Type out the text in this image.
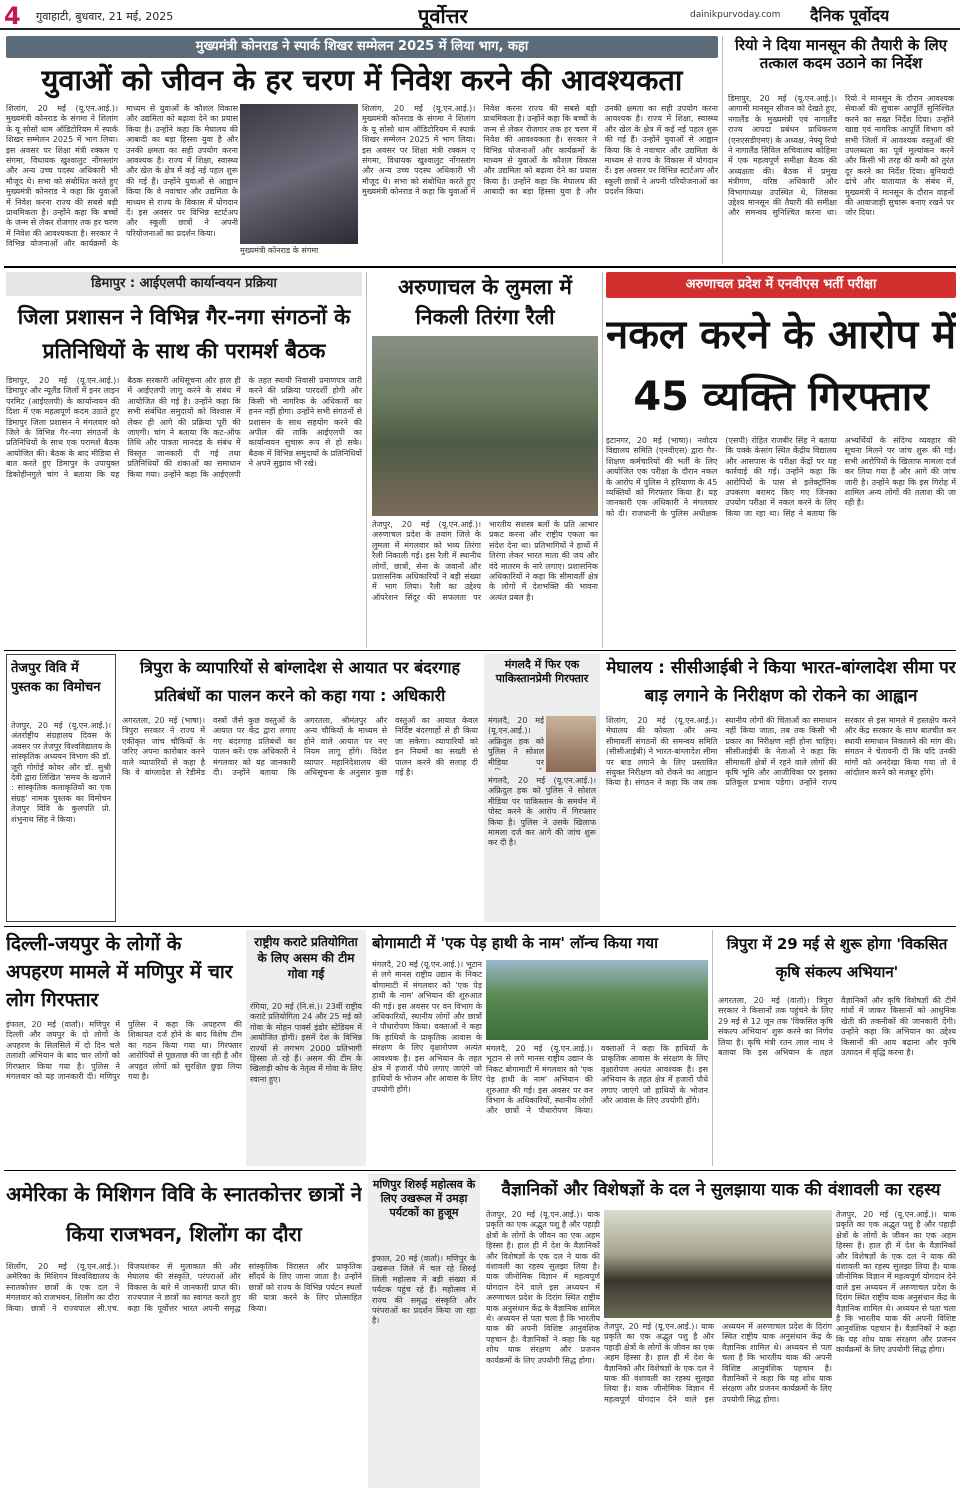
4 गुवाहाटी, बुधवार, 21 मई, 2025	पूर्वोत्तर	dainikpurvoday.com दैनिक पूर्वोदय
मुख्यमंत्री कोनराड ने स्पार्क शिखर सम्मेलन 2025 में लिया भाग, कहा
युवाओं को जीवन के हर चरण में निवेश करने की आवश्यकता
शिलांग, 20 मई (यू.एन.आई.)। मुख्यमंत्री कोनराड के संगमा ने शिलांग के यू सोसो थाम ऑडिटोरियम में स्पार्क शिखर सम्मेलन 2025 में भाग लिया। इस अवसर पर शिक्षा मंत्री रक्कम ए संगमा, विधायक खुश्वालुट नोंगस्लांग और अन्य उच्च पदस्थ अधिकारी भी मौजूद थे। सभा को संबोधित करते हुए मुख्यमंत्री कोनराड ने कहा कि युवाओं में निवेश करना राज्य की सबसे बड़ी प्राथमिकता है। उन्होंने कहा कि बच्चों के जन्म से लेकर रोजगार तक हर चरण में निवेश की आवश्यकता है। सरकार ने विभिन्न योजनाओं और कार्यक्रमों के माध्यम से युवाओं के कौशल विकास और उद्यमिता को बढ़ावा देने का प्रयास किया है। उन्होंने कहा कि मेघालय की आबादी का बड़ा हिस्सा युवा है और उनकी क्षमता का सही उपयोग करना आवश्यक है। राज्य में शिक्षा, स्वास्थ्य और खेल के क्षेत्र में कई नई पहल शुरू की गई हैं। उन्होंने युवाओं से आह्वान किया कि वे नवाचार और उद्यमिता के माध्यम से राज्य के विकास में योगदान दें। इस अवसर पर विभिन्न स्टार्टअप और स्कूली छात्रों ने अपनी परियोजनाओं का प्रदर्शन किया।
मुख्यमंत्री कोनराड के संगमा
शिलांग, 20 मई (यू.एन.आई.)। मुख्यमंत्री कोनराड के संगमा ने शिलांग के यू सोसो थाम ऑडिटोरियम में स्पार्क शिखर सम्मेलन 2025 में भाग लिया। इस अवसर पर शिक्षा मंत्री रक्कम ए संगमा, विधायक खुश्वालुट नोंगस्लांग और अन्य उच्च पदस्थ अधिकारी भी मौजूद थे। सभा को संबोधित करते हुए मुख्यमंत्री कोनराड ने कहा कि युवाओं में निवेश करना राज्य की सबसे बड़ी प्राथमिकता है। उन्होंने कहा कि बच्चों के जन्म से लेकर रोजगार तक हर चरण में निवेश की आवश्यकता है। सरकार ने विभिन्न योजनाओं और कार्यक्रमों के माध्यम से युवाओं के कौशल विकास और उद्यमिता को बढ़ावा देने का प्रयास किया है। उन्होंने कहा कि मेघालय की आबादी का बड़ा हिस्सा युवा है और उनकी क्षमता का सही उपयोग करना आवश्यक है। राज्य में शिक्षा, स्वास्थ्य और खेल के क्षेत्र में कई नई पहल शुरू की गई हैं। उन्होंने युवाओं से आह्वान किया कि वे नवाचार और उद्यमिता के माध्यम से राज्य के विकास में योगदान दें। इस अवसर पर विभिन्न स्टार्टअप और स्कूली छात्रों ने अपनी परियोजनाओं का प्रदर्शन किया।
रियो ने दिया मानसून की तैयारी के लिए तत्काल कदम उठाने का निर्देश
डिमापुर, 20 मई (यू.एन.आई.)। आगामी मानसून सीजन को देखते हुए, नगालैंड के मुख्यमंत्री एवं नागालैंड राज्य आपदा प्रबंधन प्राधिकरण (एनएसडीएमए) के अध्यक्ष, नेफ्यू रियो ने नागालैंड सिविल सचिवालय कोहिमा में एक महत्वपूर्ण समीक्षा बैठक की अध्यक्षता की। बैठक में प्रमुख मंत्रीगण, वरिष्ठ अधिकारी और विभागाध्यक्ष उपस्थित थे, जिसका उद्देश्य मानसून की तैयारी की समीक्षा और समन्वय सुनिश्चित करना था। रियो ने मानसून के दौरान आवश्यक सेवाओं की सुचारू आपूर्ति सुनिश्चित करने का सख्त निर्देश दिया। उन्होंने खाद्य एवं नागरिक आपूर्ति विभाग को सभी जिलों में आवश्यक वस्तुओं की उपलब्धता का पूर्व मूल्यांकन करने और किसी भी तरह की कमी को तुरंत दूर करने का निर्देश दिया। बुनियादी ढांचे और यातायात के संबंध में, मुख्यमंत्री ने मानसून के दौरान वाहनों की आवाजाही सुचारू बनाए रखने पर जोर दिया।
डिमापुर : आईएलपी कार्यान्वयन प्रक्रिया
जिला प्रशासन ने विभिन्न गैर-नगा संगठनों के प्रतिनिधियों के साथ की परामर्श बैठक
डिमापुर, 20 मई (यू.एन.आई.)। डिमापुर और न्यूलैंड जिलों में इनर लाइन परमिट (आईएलपी) के कार्यान्वयन की दिशा में एक महत्वपूर्ण कदम उठाते हुए डिमापुर जिला प्रशासन ने मंगलवार को जिले के विभिन्न गैर-नगा संगठनों के प्रतिनिधियों के साथ एक परामर्श बैठक आयोजित की। बैठक के बाद मीडिया से बात करते हुए डिमापुर के उपायुक्त डिकोहीनगुले चांग ने बताया कि यह बैठक सरकारी अधिसूचना और हाल ही में आईएलपी लागू करने के संबंध में आयोजित की गई है। उन्होंने कहा कि सभी संबंधित समुदायों को विश्वास में लेकर ही आगे की प्रक्रिया पूरी की जाएगी। चांग ने बताया कि कट-ऑफ तिथि और पात्रता मानदंड के संबंध में विस्तृत जानकारी दी गई तथा प्रतिनिधियों की शंकाओं का समाधान किया गया। उन्होंने कहा कि आईएलपी के तहत स्थायी निवासी प्रमाणपत्र जारी करने की प्रक्रिया पारदर्शी होगी और किसी भी नागरिक के अधिकारों का हनन नहीं होगा। उन्होंने सभी संगठनों से प्रशासन के साथ सहयोग करने की अपील की ताकि आईएलपी का कार्यान्वयन सुचारू रूप से हो सके। बैठक में विभिन्न समुदायों के प्रतिनिधियों ने अपने सुझाव भी रखे।
अरुणाचल के लुमला में निकली तिरंगा रैली
तेजपुर, 20 मई (यू.एन.आई.)। अरुणाचल प्रदेश के तवांग जिले के लुमला में मंगलवार को भव्य तिरंगा रैली निकाली गई। इस रैली में स्थानीय लोगों, छात्रों, सेना के जवानों और प्रशासनिक अधिकारियों ने बड़ी संख्या में भाग लिया। रैली का उद्देश्य ऑपरेशन सिंदूर की सफलता पर भारतीय सशस्त्र बलों के प्रति आभार प्रकट करना और राष्ट्रीय एकता का संदेश देना था। प्रतिभागियों ने हाथों में तिरंगा लेकर भारत माता की जय और वंदे मातरम के नारे लगाए। प्रशासनिक अधिकारियों ने कहा कि सीमावर्ती क्षेत्र के लोगों में देशभक्ति की भावना अत्यंत प्रबल है।
अरुणाचल प्रदेश में एनवीएस भर्ती परीक्षा
नकल करने के आरोप में 45 व्यक्ति गिरफ्तार
इटानगर, 20 मई (भाषा)। नवोदय विद्यालय समिति (एनवीएस) द्वारा गैर-शिक्षण कर्मचारियों की भर्ती के लिए आयोजित एक परीक्षा के दौरान नकल के आरोप में पुलिस ने हरियाणा के 45 व्यक्तियों को गिरफ्तार किया है। यह जानकारी एक अधिकारी ने मंगलवार को दी। राजधानी के पुलिस अधीक्षक (एसपी) रोहित राजबीर सिंह ने बताया कि पक्के केसांग स्थित केंद्रीय विद्यालय और आसपास के परीक्षा केंद्रों पर यह कार्रवाई की गई। उन्होंने कहा कि आरोपियों के पास से इलेक्ट्रॉनिक उपकरण बरामद किए गए जिनका उपयोग परीक्षा में नकल करने के लिए किया जा रहा था। सिंह ने बताया कि अभ्यर्थियों के संदिग्ध व्यवहार की सूचना मिलने पर जांच शुरू की गई। सभी आरोपियों के खिलाफ मामला दर्ज कर लिया गया है और आगे की जांच जारी है। उन्होंने कहा कि इस गिरोह में शामिल अन्य लोगों की तलाश की जा रही है।
तेजपुर विवि में पुस्तक का विमोचन
तेजपुर, 20 मई (यू.एन.आई.)। अंतर्राष्ट्रीय संग्रहालय दिवस के अवसर पर तेजपुर विश्वविद्यालय के सांस्कृतिक अध्ययन विभाग की डॉ. जूरी गोगोई कोवर और डॉ. सुश्री देवी द्वारा लिखित 'समय के खजाने : सांस्कृतिक कलाकृतियों का एक संग्रह' नामक पुस्तक का विमोचन तेजपुर विवि के कुलपति प्रो. शंभुनाथ सिंह ने किया।
त्रिपुरा के व्यापारियों से बांग्लादेश से आयात पर बंदरगाह प्रतिबंधों का पालन करने को कहा गया : अधिकारी
अगरतला, 20 मई (भाषा)। त्रिपुरा सरकार ने राज्य में एकीकृत जांच चौकियों के जरिए अपना कारोबार करने वाले व्यापारियों से कहा है कि वे बांग्लादेश से रेडीमेड वस्त्रों जैसे कुछ वस्तुओं के आयात पर केंद्र द्वारा लगाए गए बंदरगाह प्रतिबंधों का पालन करें। एक अधिकारी ने मंगलवार को यह जानकारी दी। उन्होंने बताया कि अगरतला, श्रीमंतपुर और अन्य चौकियों के माध्यम से होने वाले आयात पर नए नियम लागू होंगे। विदेश व्यापार महानिदेशालय की अधिसूचना के अनुसार कुछ वस्तुओं का आयात केवल निर्दिष्ट बंदरगाहों से ही किया जा सकेगा। व्यापारियों को इन नियमों का सख्ती से पालन करने की सलाह दी गई है।
मंगलदै में फिर एक पाकिस्तानप्रेमी गिरफ्तार
मंगलदै, 20 मई (यू.एन.आई.)। अफ्रिदुल हक को पुलिस ने सोशल मीडिया पर
मंगलदै, 20 मई (यू.एन.आई.)। अफ्रिदुल हक को पुलिस ने सोशल मीडिया पर पाकिस्तान के समर्थन में पोस्ट करने के आरोप में गिरफ्तार किया है। पुलिस ने उसके खिलाफ मामला दर्ज कर आगे की जांच शुरू कर दी है।
मेघालय : सीसीआईबी ने किया भारत-बांग्लादेश सीमा पर बाड़ लगाने के निरीक्षण को रोकने का आह्वान
शिलांग, 20 मई (यू.एन.आई.)। मेघालय की कोयला और अन्य सीमावर्ती संगठनों की समन्वय समिति (सीसीआईबी) ने भारत-बांग्लादेश सीमा पर बाड़ लगाने के लिए प्रस्तावित संयुक्त निरीक्षण को रोकने का आह्वान किया है। संगठन ने कहा कि जब तक स्थानीय लोगों की चिंताओं का समाधान नहीं किया जाता, तब तक किसी भी प्रकार का निरीक्षण नहीं होना चाहिए। सीसीआईबी के नेताओं ने कहा कि सीमावर्ती क्षेत्रों में रहने वाले लोगों की कृषि भूमि और आजीविका पर इसका प्रतिकूल प्रभाव पड़ेगा। उन्होंने राज्य सरकार से इस मामले में हस्तक्षेप करने और केंद्र सरकार के साथ बातचीत कर स्थायी समाधान निकालने की मांग की। संगठन ने चेतावनी दी कि यदि उनकी मांगों को अनदेखा किया गया तो वे आंदोलन करने को मजबूर होंगे।
दिल्ली-जयपुर के लोगों के अपहरण मामले में मणिपुर में चार लोग गिरफ्तार
इंफाल, 20 मई (वार्ता)। मणिपुर में दिल्ली और जयपुर के दो लोगों के अपहरण के सिलसिले में दो दिन चले तलाशी अभियान के बाद चार लोगों को गिरफ्तार किया गया है। पुलिस ने मंगलवार को यह जानकारी दी। मणिपुर पुलिस ने कहा कि अपहरण की शिकायत दर्ज होने के बाद विशेष टीम का गठन किया गया था। गिरफ्तार आरोपियों से पूछताछ की जा रही है और अपहृत लोगों को सुरक्षित छुड़ा लिया गया है।
राष्ट्रीय कराटे प्रतियोगिता के लिए असम की टीम गोवा गई
रंगिया, 20 मई (नि.सं.)। 23वीं राष्ट्रीय कराटे प्रतियोगिता 24 और 25 मई को गोवा के मोहन पार्क्स इंडोर स्टेडियम में आयोजित होगी। इसमें देश के विभिन्न राज्यों से लगभग 2000 प्रतिभागी हिस्सा ले रहे हैं। असम की टीम के खिलाड़ी कोच के नेतृत्व में गोवा के लिए रवाना हुए।
बोगामाटी में 'एक पेड़ हाथी के नाम' लॉन्च किया गया
मंगलदै, 20 मई (यू.एन.आई.)। भूटान से लगे मानस राष्ट्रीय उद्यान के निकट बोगामाटी में मंगलवार को 'एक पेड़ हाथी के नाम' अभियान की शुरुआत की गई। इस अवसर पर वन विभाग के अधिकारियों, स्थानीय लोगों और छात्रों ने पौधारोपण किया। वक्ताओं ने कहा कि हाथियों के प्राकृतिक आवास के संरक्षण के लिए वृक्षारोपण अत्यंत आवश्यक है। इस अभियान के तहत क्षेत्र में हजारों पौधे लगाए जाएंगे जो हाथियों के भोजन और आवास के लिए उपयोगी होंगे।
मंगलदै, 20 मई (यू.एन.आई.)। भूटान से लगे मानस राष्ट्रीय उद्यान के निकट बोगामाटी में मंगलवार को 'एक पेड़ हाथी के नाम' अभियान की शुरुआत की गई। इस अवसर पर वन विभाग के अधिकारियों, स्थानीय लोगों और छात्रों ने पौधारोपण किया। वक्ताओं ने कहा कि हाथियों के प्राकृतिक आवास के संरक्षण के लिए वृक्षारोपण अत्यंत आवश्यक है। इस अभियान के तहत क्षेत्र में हजारों पौधे लगाए जाएंगे जो हाथियों के भोजन और आवास के लिए उपयोगी होंगे।
त्रिपुरा में 29 मई से शुरू होगा 'विकसित कृषि संकल्प अभियान'
अगरतला, 20 मई (वार्ता)। त्रिपुरा सरकार ने किसानों तक पहुंचने के लिए 29 मई से 12 जून तक 'विकसित कृषि संकल्प अभियान' शुरू करने का निर्णय लिया है। कृषि मंत्री रतन लाल नाथ ने बताया कि इस अभियान के तहत वैज्ञानिकों और कृषि विशेषज्ञों की टीमें गांवों में जाकर किसानों को आधुनिक खेती की तकनीकों की जानकारी देंगी। उन्होंने कहा कि अभियान का उद्देश्य किसानों की आय बढ़ाना और कृषि उत्पादन में वृद्धि करना है।
अमेरिका के मिशिगन विवि के स्नातकोत्तर छात्रों ने किया राजभवन, शिलोंग का दौरा
शिलोंग, 20 मई (यू.एन.आई.)। अमेरिका के मिशिगन विश्वविद्यालय के स्नातकोत्तर छात्रों के एक दल ने मंगलवार को राजभवन, शिलोंग का दौरा किया। छात्रों ने राज्यपाल सी.एच. विजयशंकर से मुलाकात की और मेघालय की संस्कृति, परंपराओं और विकास के बारे में जानकारी प्राप्त की। राज्यपाल ने छात्रों का स्वागत करते हुए कहा कि पूर्वोत्तर भारत अपनी समृद्ध सांस्कृतिक विरासत और प्राकृतिक सौंदर्य के लिए जाना जाता है। उन्होंने छात्रों को राज्य के विभिन्न पर्यटन स्थलों की यात्रा करने के लिए प्रोत्साहित किया।
मणिपुर शिरुई महोत्सव के लिए उखरूल में उमड़ा पर्यटकों का हुजूम
इंफाल, 20 मई (वार्ता)। मणिपुर के उखरूल जिले में चल रहे शिरुई लिली महोत्सव में बड़ी संख्या में पर्यटक पहुंच रहे हैं। महोत्सव में राज्य की समृद्ध संस्कृति और परंपराओं का प्रदर्शन किया जा रहा है।
वैज्ञानिकों और विशेषज्ञों के दल ने सुलझाया याक की वंशावली का रहस्य
तेजपुर, 20 मई (यू.एन.आई.)। याक प्रकृति का एक अद्भुत पशु है और पहाड़ी क्षेत्रों के लोगों के जीवन का एक अहम हिस्सा है। हाल ही में देश के वैज्ञानिकों और विशेषज्ञों के एक दल ने याक की वंशावली का रहस्य सुलझा लिया है। याक जीनोमिक विज्ञान में महत्वपूर्ण योगदान देने वाले इस अध्ययन में अरुणाचल प्रदेश के दिरांग स्थित राष्ट्रीय याक अनुसंधान केंद्र के वैज्ञानिक शामिल थे। अध्ययन से पता चला है कि भारतीय याक की अपनी विशिष्ट आनुवंशिक पहचान है। वैज्ञानिकों ने कहा कि यह शोध याक संरक्षण और प्रजनन कार्यक्रमों के लिए उपयोगी सिद्ध होगा।
तेजपुर, 20 मई (यू.एन.आई.)। याक प्रकृति का एक अद्भुत पशु है और पहाड़ी क्षेत्रों के लोगों के जीवन का एक अहम हिस्सा है। हाल ही में देश के वैज्ञानिकों और विशेषज्ञों के एक दल ने याक की वंशावली का रहस्य सुलझा लिया है। याक जीनोमिक विज्ञान में महत्वपूर्ण योगदान देने वाले इस अध्ययन में अरुणाचल प्रदेश के दिरांग स्थित राष्ट्रीय याक अनुसंधान केंद्र के वैज्ञानिक शामिल थे। अध्ययन से पता चला है कि भारतीय याक की अपनी विशिष्ट आनुवंशिक पहचान है। वैज्ञानिकों ने कहा कि यह शोध याक संरक्षण और प्रजनन कार्यक्रमों के लिए उपयोगी सिद्ध होगा।
तेजपुर, 20 मई (यू.एन.आई.)। याक प्रकृति का एक अद्भुत पशु है और पहाड़ी क्षेत्रों के लोगों के जीवन का एक अहम हिस्सा है। हाल ही में देश के वैज्ञानिकों और विशेषज्ञों के एक दल ने याक की वंशावली का रहस्य सुलझा लिया है। याक जीनोमिक विज्ञान में महत्वपूर्ण योगदान देने वाले इस अध्ययन में अरुणाचल प्रदेश के दिरांग स्थित राष्ट्रीय याक अनुसंधान केंद्र के वैज्ञानिक शामिल थे। अध्ययन से पता चला है कि भारतीय याक की अपनी विशिष्ट आनुवंशिक पहचान है। वैज्ञानिकों ने कहा कि यह शोध याक संरक्षण और प्रजनन कार्यक्रमों के लिए उपयोगी सिद्ध होगा।
